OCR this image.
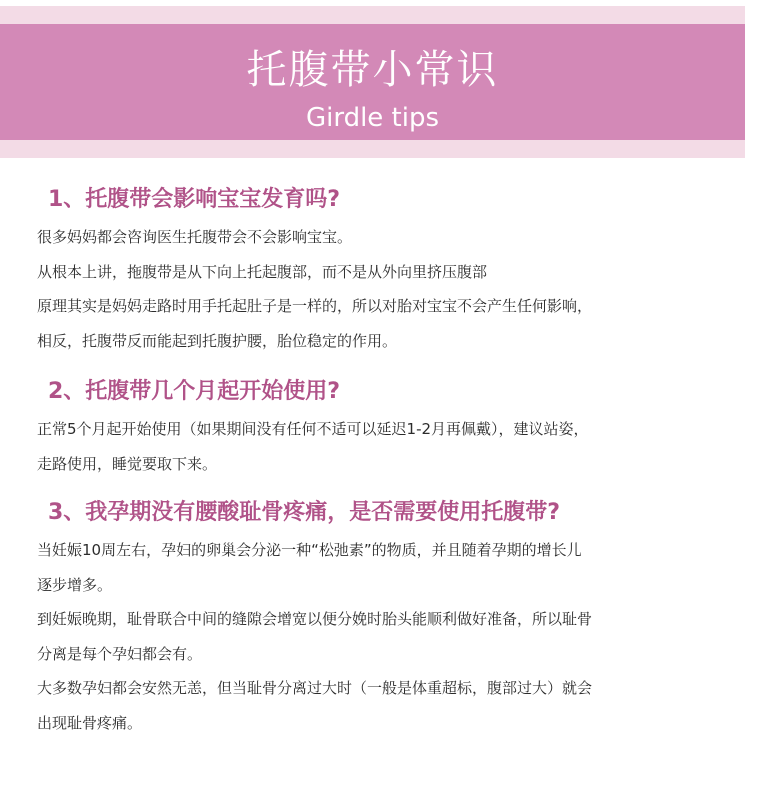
托腹带小常识
Girdle tips
1、托腹带会影响宝宝发育吗?

很多妈妈都会咨询医生托腹带会不会影响宝宝。

从根本上讲，拖腹带是从下向上托起腹部，而不是从外向里挤压腹部

原理其实是妈妈走路时用手托起肚子是一样的，所以对胎对宝宝不会产生任何影响，

相反，托腹带反而能起到托腹护腰，胎位稳定的作用。

2、托腹带几个月起开始使用?

正常5个月起开始使用（如果期间没有任何不适可以延迟1-2月再佩戴），建议站姿，

走路使用，睡觉要取下来。

3、我孕期没有腰酸耻骨疼痛，是否需要使用托腹带?

当妊娠10周左右，孕妇的卵巢会分泌一种“松弛素”的物质，并且随着孕期的增长儿

逐步增多。

到妊娠晚期，耻骨联合中间的缝隙会增宽以便分娩时胎头能顺利做好准备，所以耻骨

分离是每个孕妇都会有。

大多数孕妇都会安然无恙，但当耻骨分离过大时（一般是体重超标，腹部过大）就会

出现耻骨疼痛。
